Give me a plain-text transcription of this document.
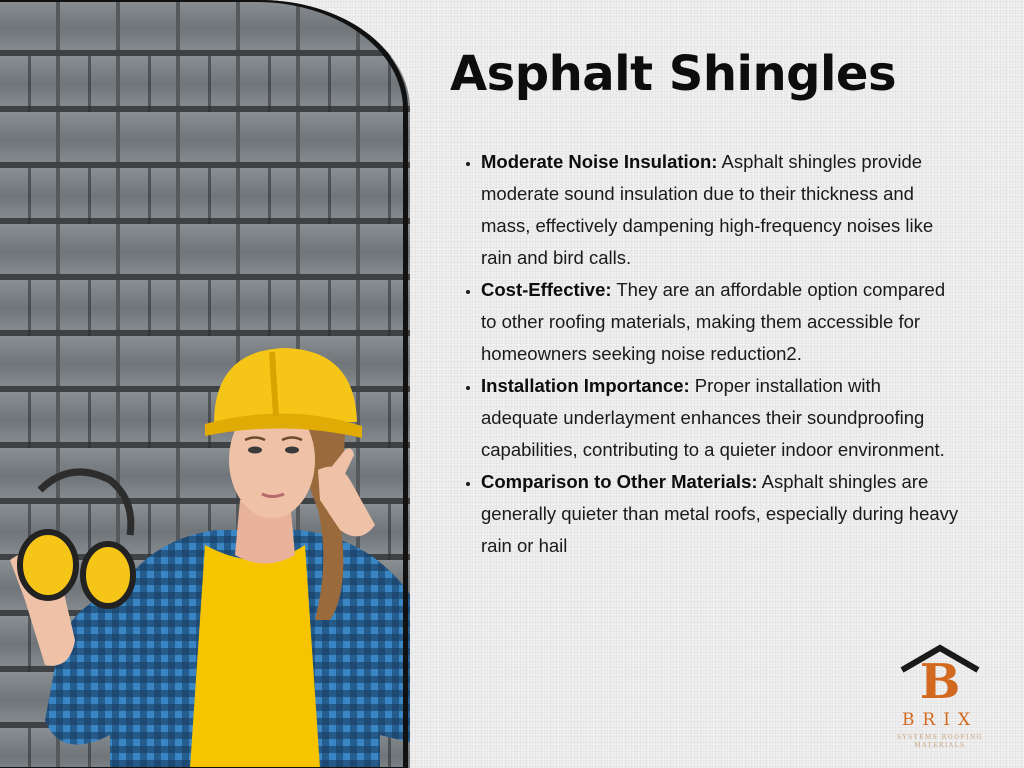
Asphalt Shingles
• Moderate Noise Insulation: Asphalt shingles provide moderate sound insulation due to their thickness and mass, effectively dampening high-frequency noises like rain and bird calls.
• Cost-Effective: They are an affordable option compared to other roofing materials, making them accessible for homeowners seeking noise reduction2.
• Installation Importance: Proper installation with adequate underlayment enhances their soundproofing capabilities, contributing to a quieter indoor environment.
• Comparison to Other Materials: Asphalt shingles are generally quieter than metal roofs, especially during heavy rain or hail
B
BRIX
SYSTEMS ROOFING MATERIALS
